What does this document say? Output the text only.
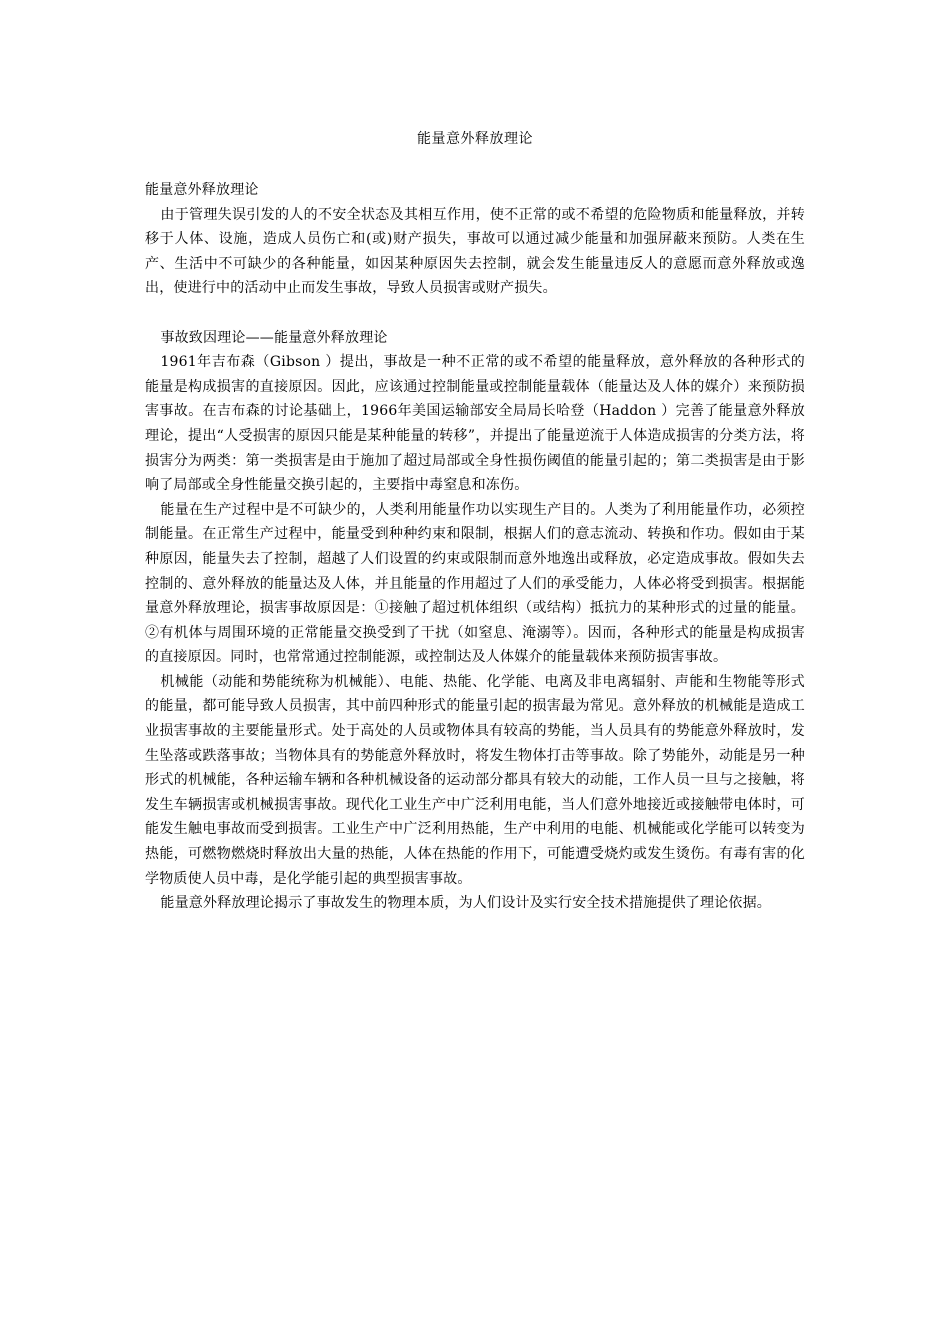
能量意外释放理论

能量意外释放理论

由于管理失误引发的人的不安全状态及其相互作用，使不正常的或不希望的危险物质和能量释放，并转移于人体、设施，造成人员伤亡和(或)财产损失，事故可以通过减少能量和加强屏蔽来预防。人类在生产、生活中不可缺少的各种能量，如因某种原因失去控制，就会发生能量违反人的意愿而意外释放或逸出，使进行中的活动中止而发生事故，导致人员损害或财产损失。

事故致因理论——能量意外释放理论

1961年吉布森（Gibson ）提出，事故是一种不正常的或不希望的能量释放，意外释放的各种形式的能量是构成损害的直接原因。因此，应该通过控制能量或控制能量载体（能量达及人体的媒介）来预防损害事故。在吉布森的讨论基础上，1966年美国运输部安全局局长哈登（Haddon ）完善了能量意外释放理论，提出“人受损害的原因只能是某种能量的转移”，并提出了能量逆流于人体造成损害的分类方法，将损害分为两类：第一类损害是由于施加了超过局部或全身性损伤阈值的能量引起的；第二类损害是由于影响了局部或全身性能量交换引起的，主要指中毒窒息和冻伤。

能量在生产过程中是不可缺少的，人类利用能量作功以实现生产目的。人类为了利用能量作功，必须控制能量。在正常生产过程中，能量受到种种约束和限制，根据人们的意志流动、转换和作功。假如由于某种原因，能量失去了控制，超越了人们设置的约束或限制而意外地逸出或释放，必定造成事故。假如失去控制的、意外释放的能量达及人体，并且能量的作用超过了人们的承受能力，人体必将受到损害。根据能量意外释放理论，损害事故原因是：①接触了超过机体组织（或结构）抵抗力的某种形式的过量的能量。②有机体与周围环境的正常能量交换受到了干扰（如窒息、淹溺等）。因而，各种形式的能量是构成损害的直接原因。同时，也常常通过控制能源，或控制达及人体媒介的能量载体来预防损害事故。

机械能（动能和势能统称为机械能）、电能、热能、化学能、电离及非电离辐射、声能和生物能等形式的能量，都可能导致人员损害，其中前四种形式的能量引起的损害最为常见。意外释放的机械能是造成工业损害事故的主要能量形式。处于高处的人员或物体具有较高的势能，当人员具有的势能意外释放时，发生坠落或跌落事故；当物体具有的势能意外释放时，将发生物体打击等事故。除了势能外，动能是另一种形式的机械能，各种运输车辆和各种机械设备的运动部分都具有较大的动能，工作人员一旦与之接触，将发生车辆损害或机械损害事故。现代化工业生产中广泛利用电能，当人们意外地接近或接触带电体时，可能发生触电事故而受到损害。工业生产中广泛利用热能，生产中利用的电能、机械能或化学能可以转变为热能，可燃物燃烧时释放出大量的热能，人体在热能的作用下，可能遭受烧灼或发生烫伤。有毒有害的化学物质使人员中毒，是化学能引起的典型损害事故。

能量意外释放理论揭示了事故发生的物理本质，为人们设计及实行安全技术措施提供了理论依据。
